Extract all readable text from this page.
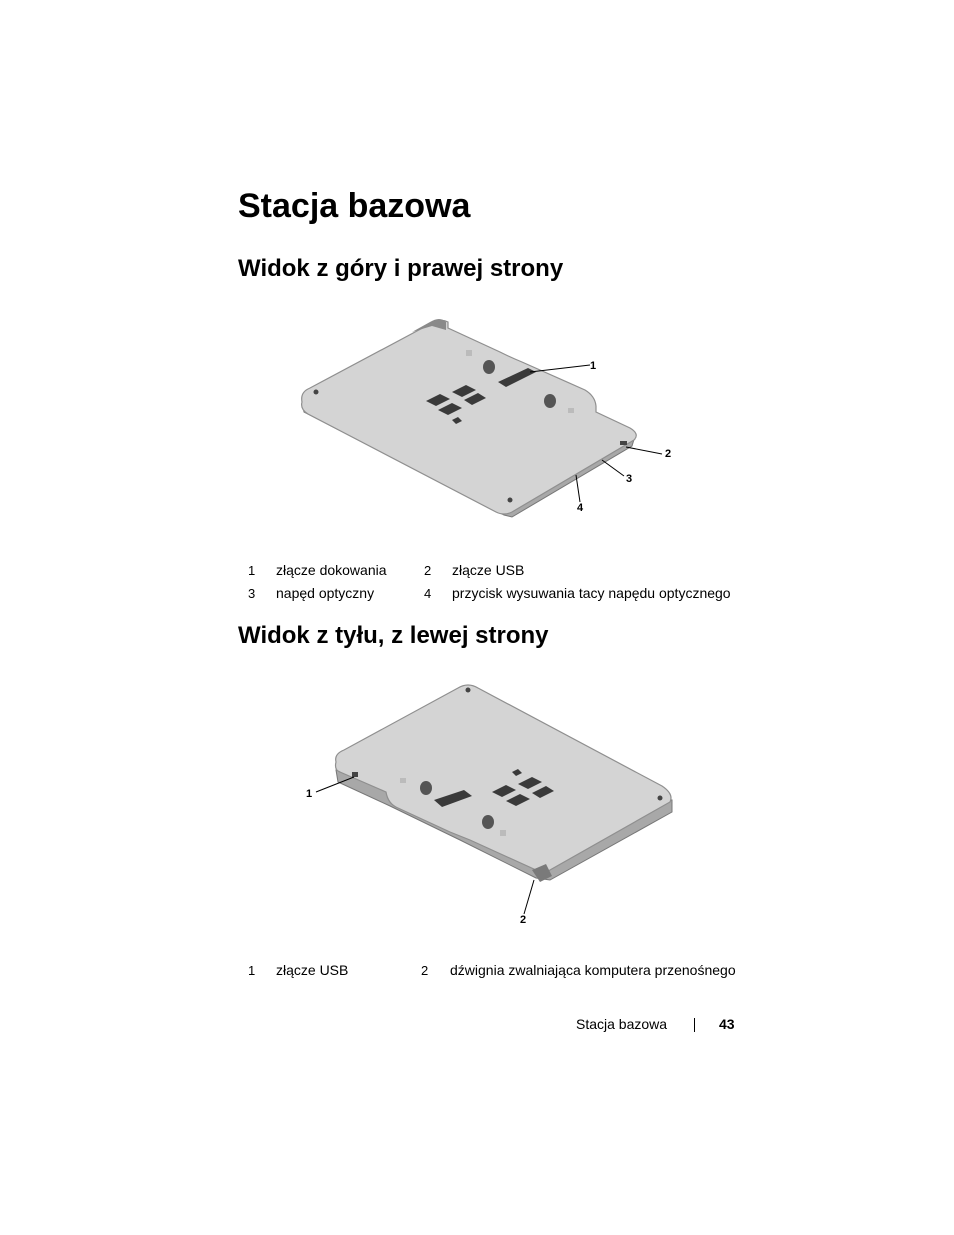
Stacja bazowa
Widok z góry i prawej strony
1
2
3
4
1 złącze dokowania	2 złącze USB
3 napęd optyczny	4 przycisk wysuwania tacy napędu optycznego
Widok z tyłu, z lewej strony
1
2
1 złącze USB	2 dźwignia zwalniająca komputera przenośnego
Stacja bazowa	43
